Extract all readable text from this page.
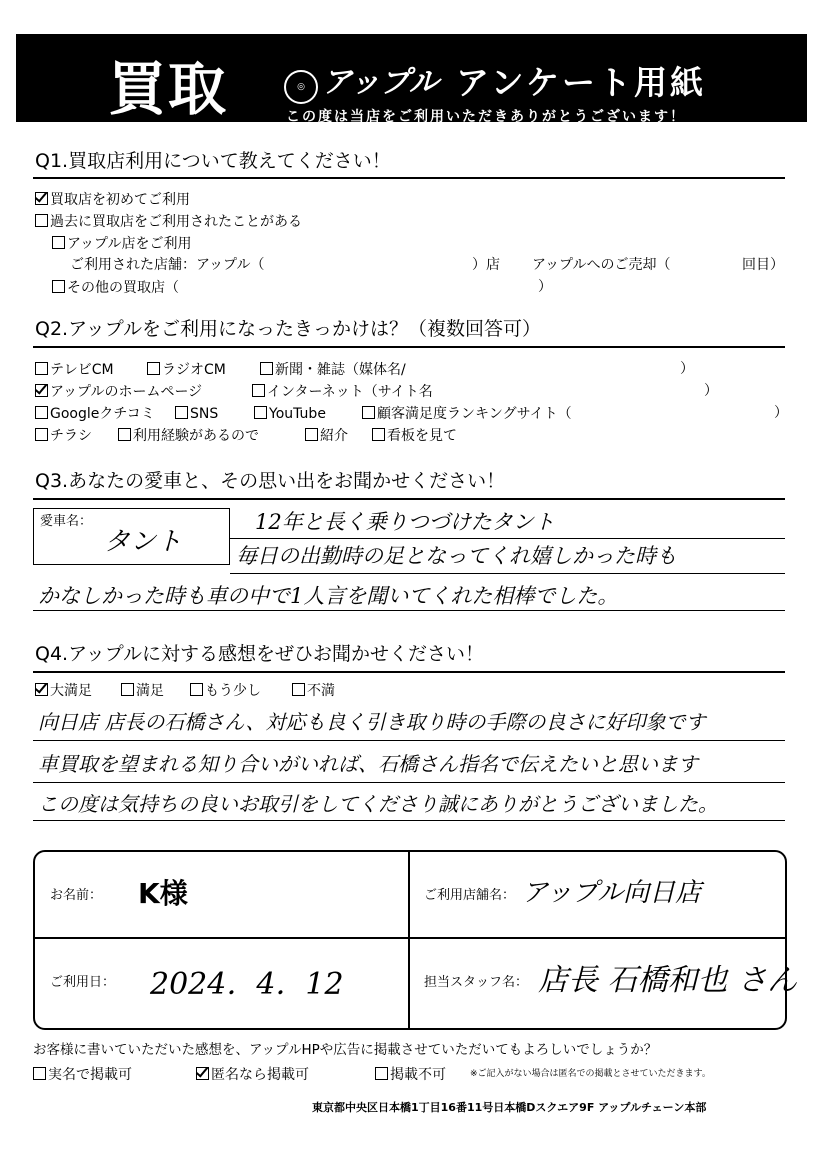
買取	◎ アップル アンケート用紙
この度は当店をご利用いただきありがとうございます！
Q1.買取店利用について教えてください！
買取店を初めてご利用
過去に買取店をご利用されたことがある
アップル店をご利用
ご利用された店舗：アップル（	）店 アップルへのご売却（	回目）
その他の買取店（	）
Q2.アップルをご利用になったきっかけは？（複数回答可）
テレビCM	ラジオCM	新聞・雑誌（媒体名/	）
アップルのホームページ	インターネット（サイト名	）
Googleクチコミ	SNS	YouTube	顧客満足度ランキングサイト（	）
チラシ	利用経験があるので	紹介	看板を見て
Q3.あなたの愛車と、その思い出をお聞かせください！
愛車名：
タント
12年と長く乗りつづけたタント
毎日の出勤時の足となってくれ嬉しかった時も
かなしかった時も車の中で1人言を聞いてくれた相棒でした。
Q4.アップルに対する感想をぜひお聞かせください！
大満足	満足	もう少し	不満
向日店 店長の石橋さん、対応も良く引き取り時の手際の良さに好印象です
車買取を望まれる知り合いがいれば、石橋さん指名で伝えたいと思います
この度は気持ちの良いお取引をしてくださり誠にありがとうございました。
お名前： K様	ご利用店舗名： アップル向日店
ご利用日： 2024．4．12	担当スタッフ名： 店長 石橋和也 さん
お客様に書いていただいた感想を、アップルHPや広告に掲載させていただいてもよろしいでしょうか？
実名で掲載可	匿名なら掲載可	掲載不可	※ご記入がない場合は匿名での掲載とさせていただきます。
東京都中央区日本橋1丁目16番11号日本橋Dスクエア9F アップルチェーン本部
